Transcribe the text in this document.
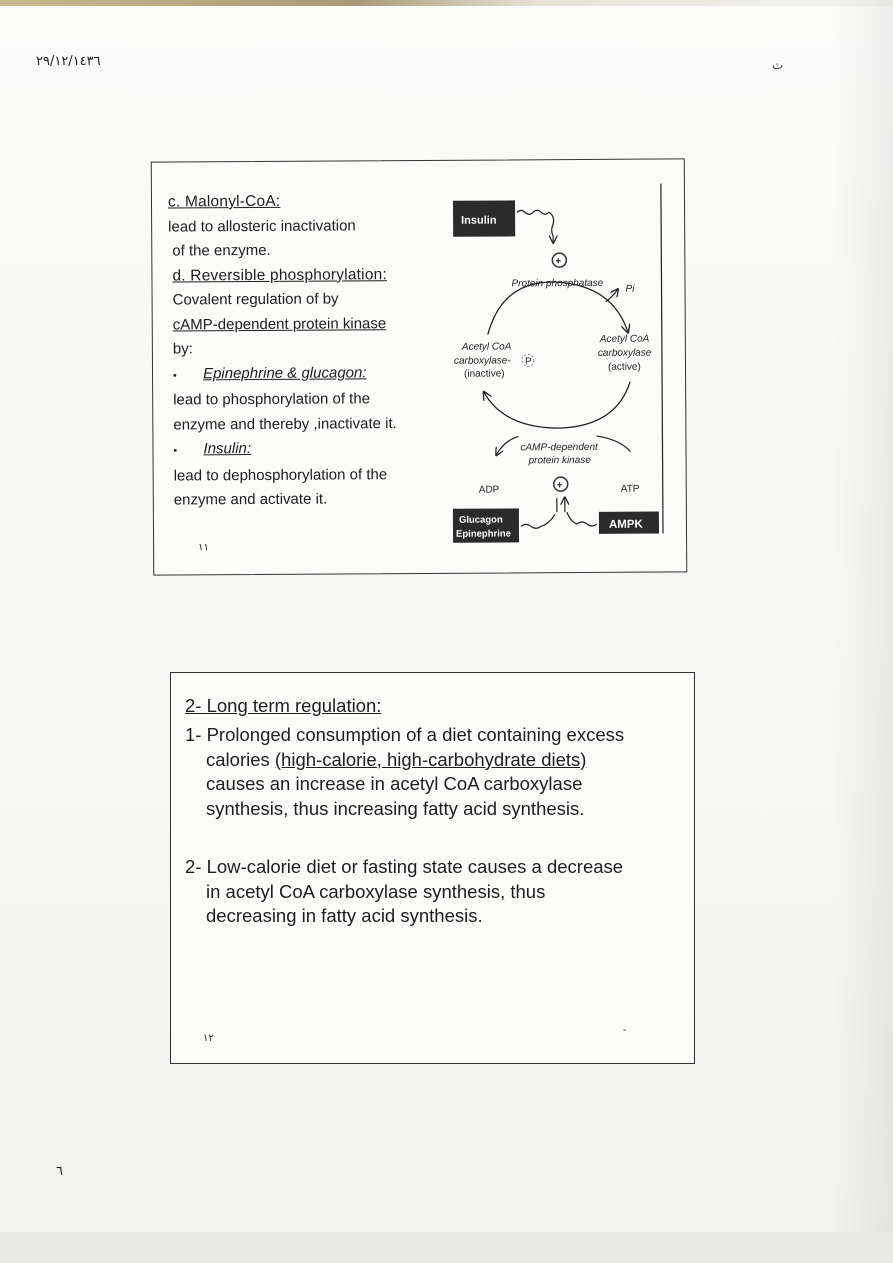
٢٩/١٢/١٤٣٦	ٽ
c. Malonyl-CoA:
lead to allosteric inactivation
of the enzyme.
d. Reversible phosphorylation:
Covalent regulation of by
cAMP-dependent protein kinase
by:
▪	Epinephrine & glucagon:
lead to phosphorylation of the
enzyme and thereby ,inactivate it.
▪	Insulin:
lead to dephosphorylation of the
enzyme and activate it.
١١
Insulin
+
Protein phosphatase Pi
Acetyl CoA
carboxylase- P
(inactive)
Acetyl CoA
carboxylase
(active)
cAMP-dependent
protein kinase
ADP	ATP
+
Glucagon
Epinephrine
AMPK
2- Long term regulation:
1- Prolonged consumption of a diet containing excess
calories (high-calorie, high-carbohydrate diets)
causes an increase in acetyl CoA carboxylase
synthesis, thus increasing fatty acid synthesis.
2- Low-calorie diet or fasting state causes a decrease
in acetyl CoA carboxylase synthesis, thus
decreasing in fatty acid synthesis.
١٢
-
٦
